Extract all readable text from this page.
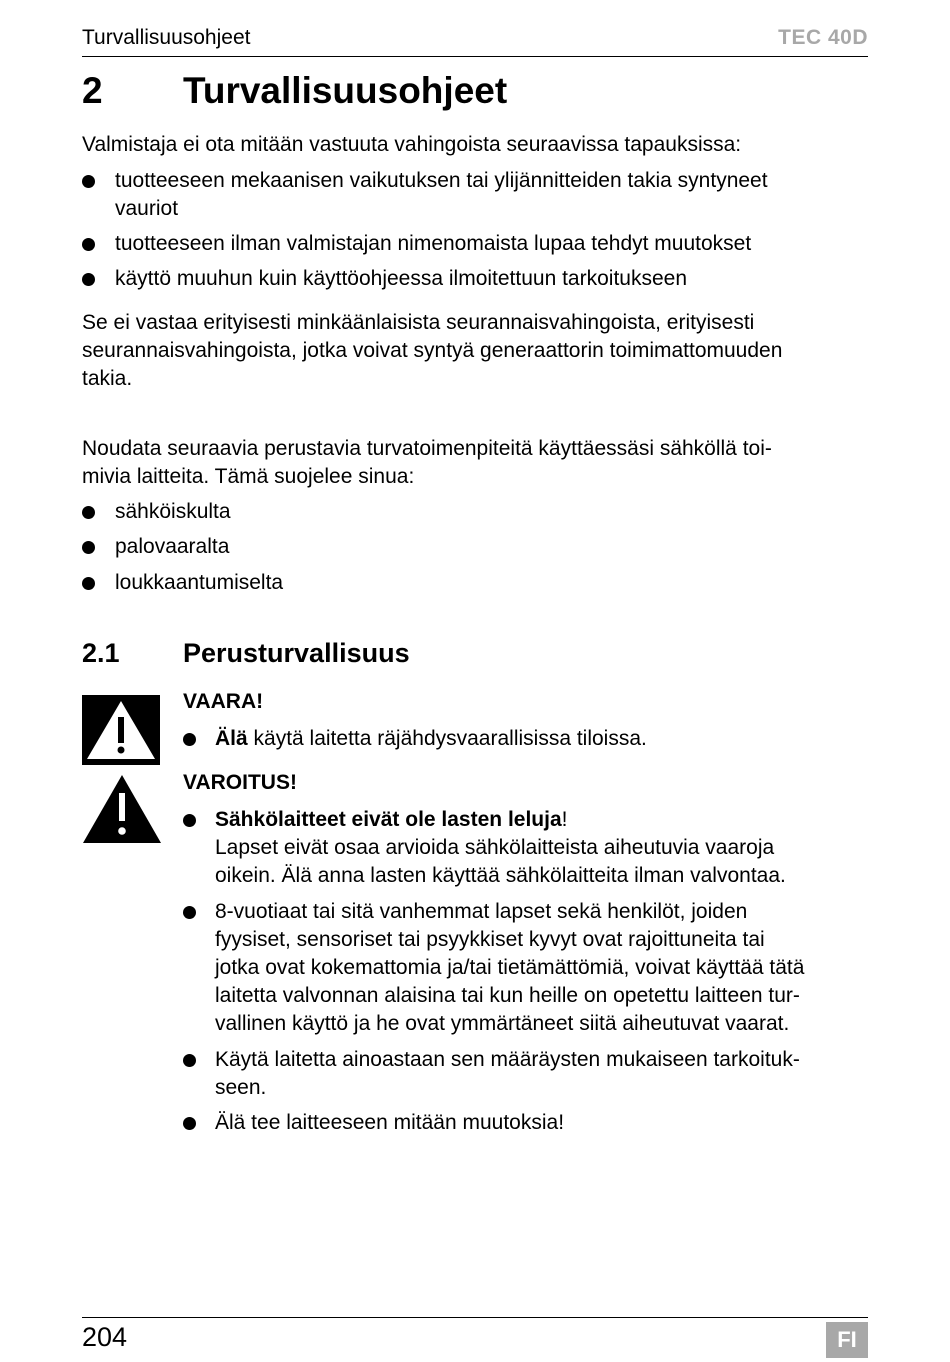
Turvallisuusohjeet	TEC 40D
2 Turvallisuusohjeet
Valmistaja ei ota mitään vastuuta vahingoista seuraavissa tapauksissa:
tuotteeseen mekaanisen vaikutuksen tai ylijännitteiden takia syntyneet
vauriot
tuotteeseen ilman valmistajan nimenomaista lupaa tehdyt muutokset
käyttö muuhun kuin käyttöohjeessa ilmoitettuun tarkoitukseen
Se ei vastaa erityisesti minkäänlaisista seurannaisvahingoista, erityisesti
seurannaisvahingoista, jotka voivat syntyä generaattorin toimimattomuuden
takia.
Noudata seuraavia perustavia turvatoimenpiteitä käyttäessäsi sähköllä toi-
mivia laitteita. Tämä suojelee sinua:
sähköiskulta
palovaaralta
loukkaantumiselta
2.1 Perusturvallisuus
VAARA!
Älä käytä laitetta räjähdysvaarallisissa tiloissa.
VAROITUS!
Sähkölaitteet eivät ole lasten leluja!
Lapset eivät osaa arvioida sähkölaitteista aiheutuvia vaaroja
oikein. Älä anna lasten käyttää sähkölaitteita ilman valvontaa.
8-vuotiaat tai sitä vanhemmat lapset sekä henkilöt, joiden
fyysiset, sensoriset tai psyykkiset kyvyt ovat rajoittuneita tai
jotka ovat kokemattomia ja/tai tietämättömiä, voivat käyttää tätä
laitetta valvonnan alaisina tai kun heille on opetettu laitteen tur-
vallinen käyttö ja he ovat ymmärtäneet siitä aiheutuvat vaarat.
Käytä laitetta ainoastaan sen määräysten mukaiseen tarkoituk-
seen.
Älä tee laitteeseen mitään muutoksia!
204	FI
